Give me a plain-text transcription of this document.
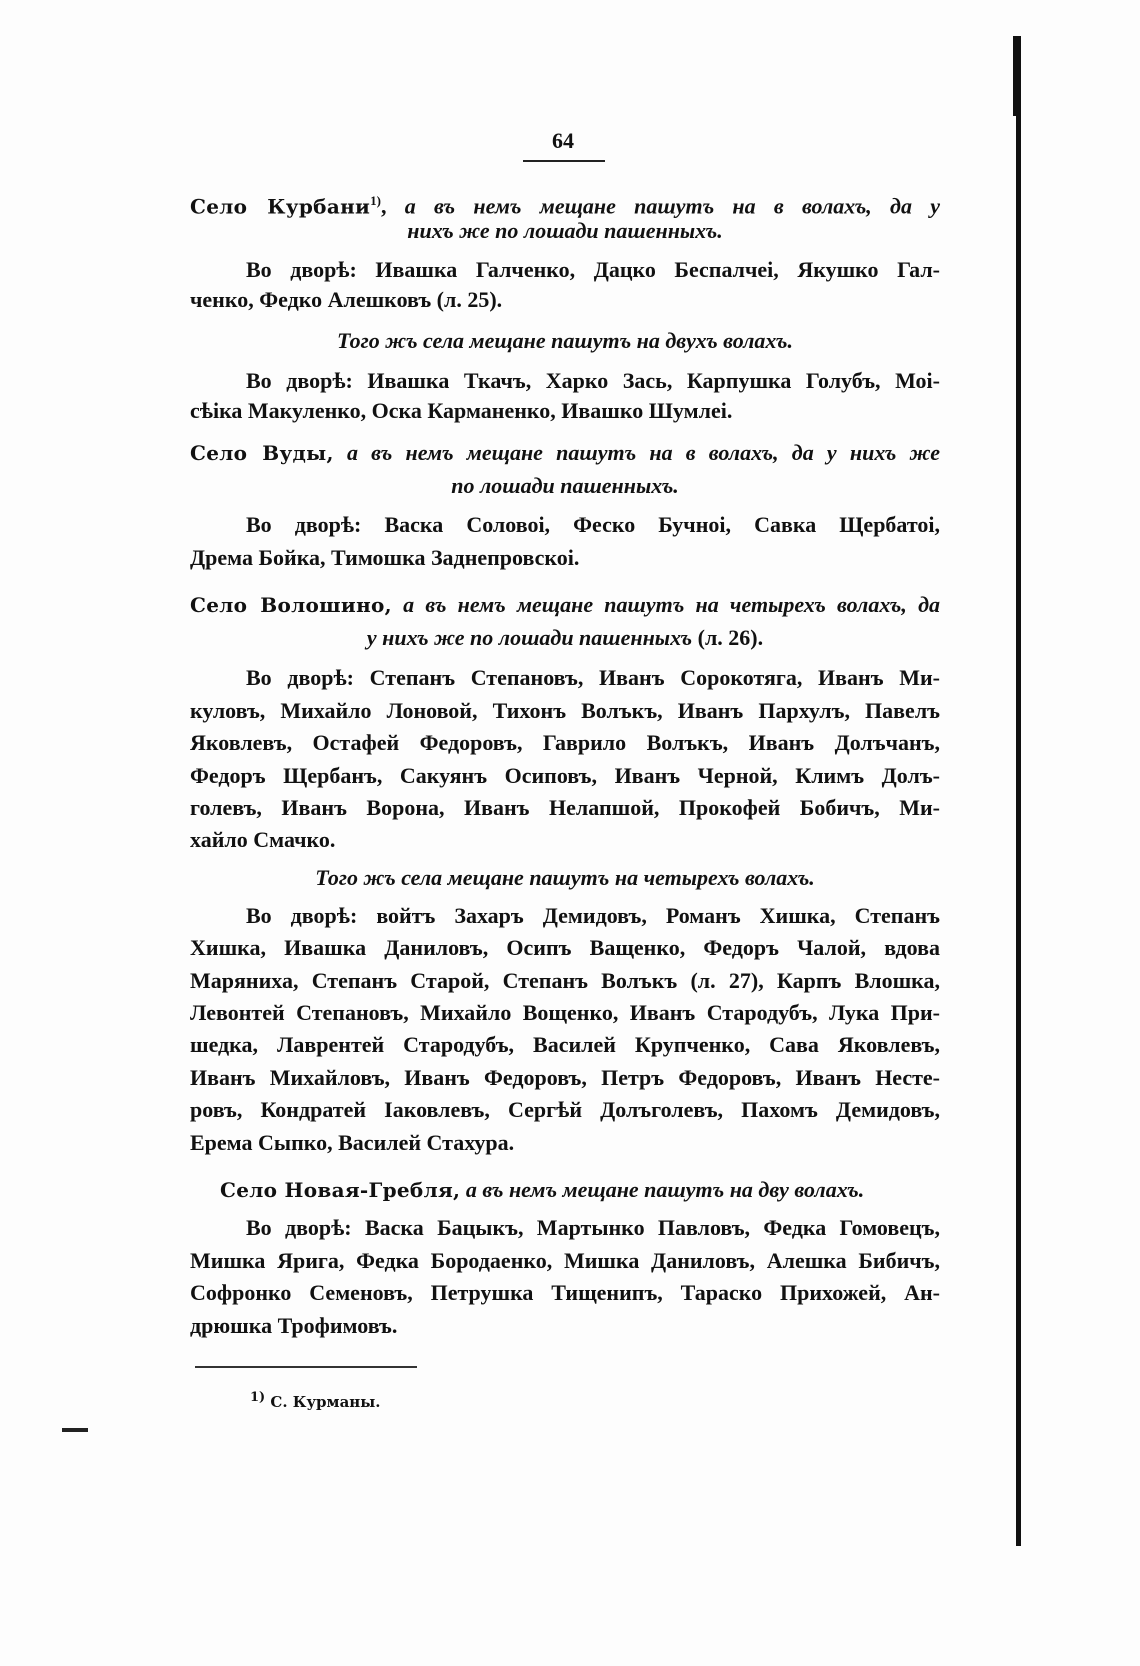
64
Село Курбани$^{1)}$, а въ немъ мещане пашутъ на в волахъ, да у
нихъ же по лошади пашенныхъ.
Во дворѣ: Ивашка Галченко, Дацко Беспалчеі, Якушко Гал-
ченко, Федко Алешковъ (л. 25).
Того жъ села мещане пашутъ на двухъ волахъ.
Во дворѣ: Ивашка Ткачъ, Харко Зась, Карпушка Голубъ, Моі-
сѣіка Макуленко, Оска Карманенко, Ивашко Шумлеі.
Село Вуды, а въ немъ мещане пашутъ на в волахъ, да у нихъ же
по лошади пашенныхъ.
Во дворѣ: Васка Соловоі, Феско Бучноі, Савка Щербатоі,
Дрема Бойка, Тимошка Заднепровскоі.
Село Волошино, а въ немъ мещане пашутъ на четырехъ волахъ, да
у нихъ же по лошади пашенныхъ (л. 26).
Во дворѣ: Степанъ Степановъ, Иванъ Сорокотяга, Иванъ Ми-
куловъ, Михайло Лоновой, Тихонъ Волъкъ, Иванъ Пархулъ, Павелъ
Яковлевъ, Остафей Федоровъ, Гаврило Волъкъ, Иванъ Долъчанъ,
Федоръ Щербанъ, Сакуянъ Осиповъ, Иванъ Черной, Климъ Долъ-
голевъ, Иванъ Ворона, Иванъ Нелапшой, Прокофей Бобичъ, Ми-
хайло Смачко.
Того жъ села мещане пашутъ на четырехъ волахъ.
Во дворѣ: войтъ Захаръ Демидовъ, Романъ Хишка, Степанъ
Хишка, Ивашка Даниловъ, Осипъ Ващенко, Федоръ Чалой, вдова
Маряниха, Степанъ Старой, Степанъ Волъкъ (л. 27), Карпъ Влошка,
Левонтей Степановъ, Михайло Вощенко, Иванъ Стародубъ, Лука При-
шедка, Лаврентей Стародубъ, Василей Крупченко, Сава Яковлевъ,
Иванъ Михайловъ, Иванъ Федоровъ, Петръ Федоровъ, Иванъ Несте-
ровъ, Кондратей Іаковлевъ, Сергѣй Долъголевъ, Пахомъ Демидовъ,
Ерема Сыпко, Василей Стахура.
Село Новая-Гребля, а въ немъ мещане пашутъ на дву волахъ.
Во дворѣ: Васка Бацыкъ, Мартынко Павловъ, Федка Гомовецъ,
Мишка Ярига, Федка Бородаенко, Мишка Даниловъ, Алешка Бибичъ,
Софронко Семеновъ, Петрушка Тищенипъ, Тараско Прихожей, Ан-
дрюшка Трофимовъ.
$^{1)}$ С. Курманы.
